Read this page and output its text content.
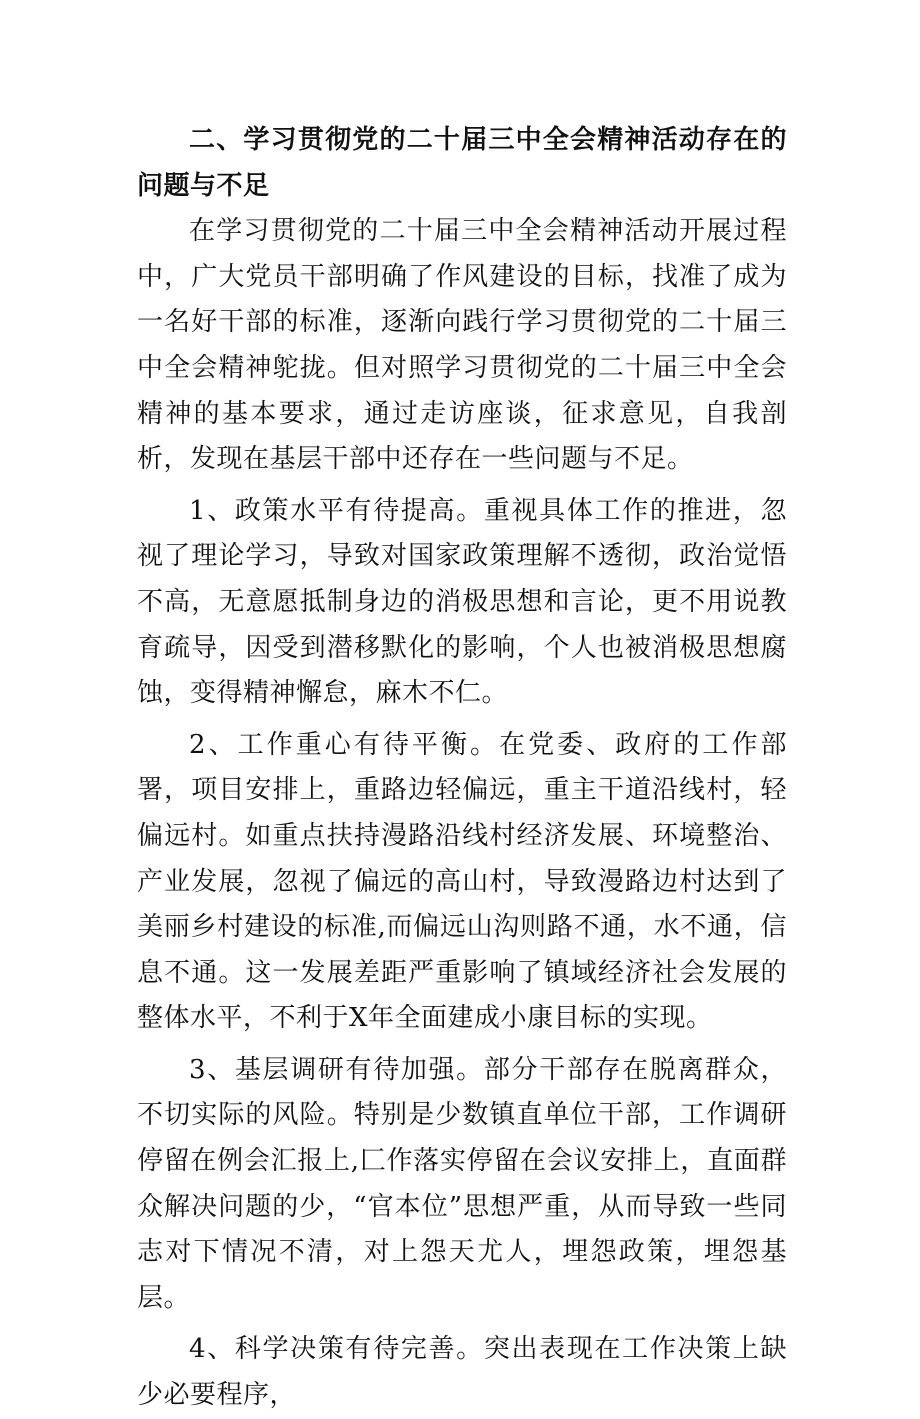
二、学习贯彻党的二十届三中全会精神活动存在的问题与不足

在学习贯彻党的二十届三中全会精神活动开展过程中，广大党员干部明确了作风建设的目标，找准了成为一名好干部的标准，逐渐向践行学习贯彻党的二十届三中全会精神鸵拢。但对照学习贯彻党的二十届三中全会精神的基本要求，通过走访座谈，征求意见，自我剖析，发现在基层干部中还存在一些问题与不足。

1、政策水平有待提高。重视具体工作的推进，忽视了理论学习，导致对国家政策理解不透彻，政治觉悟不高，无意愿抵制身边的消极思想和言论，更不用说教育疏导，因受到潜移默化的影响，个人也被消极思想腐蚀，变得精神懈怠，麻木不仁。

2、工作重心有待平衡。在党委、政府的工作部署，项目安排上，重路边轻偏远，重主干道沿线村，轻偏远村。如重点扶持漫路沿线村经济发展、环境整治、产业发展，忽视了偏远的高山村，导致漫路边村达到了美丽乡村建设的标准,而偏远山沟则路不通，水不通，信息不通。这一发展差距严重影响了镇域经济社会发展的整体水平，不利于X年全面建成小康目标的实现。

3、基层调研有待加强。部分干部存在脱离群众，不切实际的风险。特别是少数镇直单位干部，工作调研停留在例会汇报上,匚作落实停留在会议安排上，直面群众解决问题的少，“官本位”思想严重，从而导致一些同志对下情况不清，对上怨天尤人，埋怨政策，埋怨基层。

4、科学决策有待完善。突出表现在工作决策上缺少必要程序，
